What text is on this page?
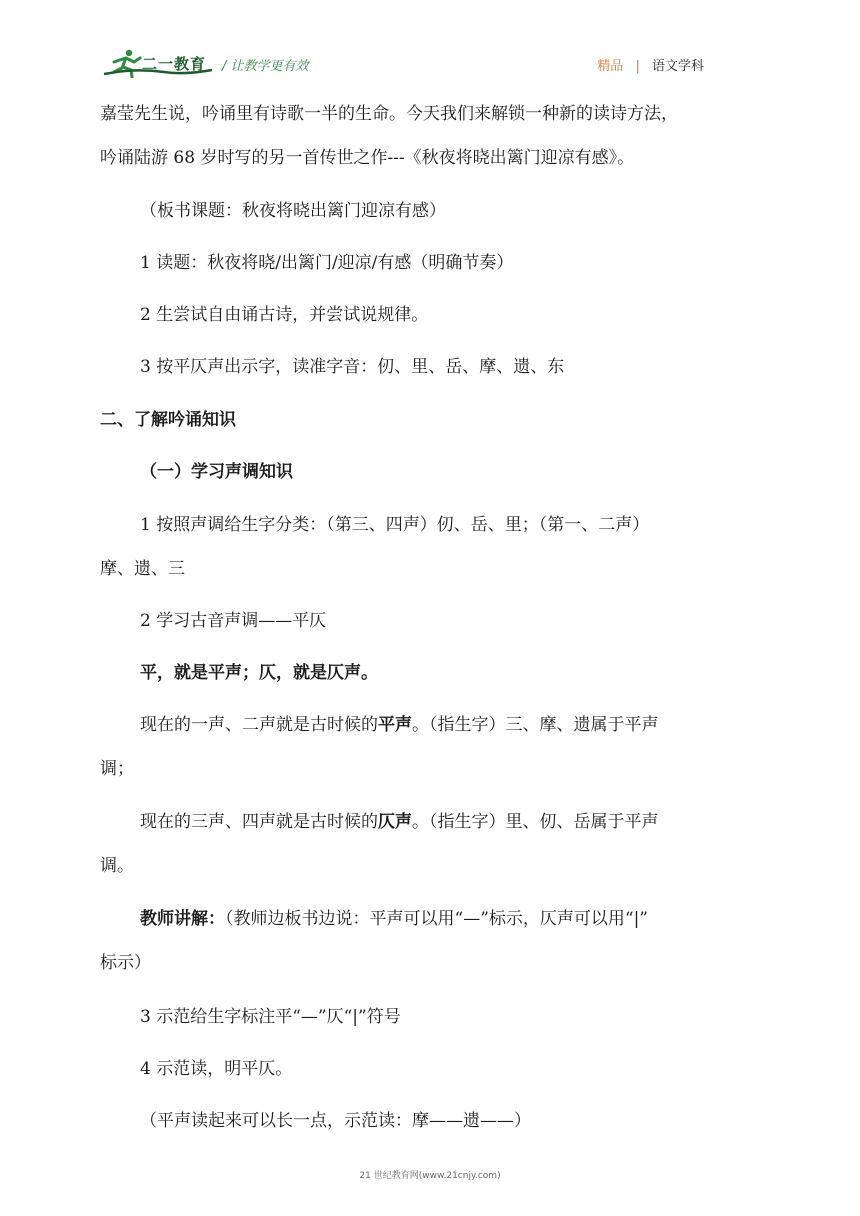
二一教育 / 让教学更有效	精品 | 语文学科
嘉莹先生说，吟诵里有诗歌一半的生命。今天我们来解锁一种新的读诗方法，
吟诵陆游 68 岁时写的另一首传世之作---《秋夜将晓出篱门迎凉有感》。
（板书课题：秋夜将晓出篱门迎凉有感）
1 读题：秋夜将晓/出篱门/迎凉/有感（明确节奏）
2 生尝试自由诵古诗，并尝试说规律。
3 按平仄声出示字，读准字音：仞、里、岳、摩、遗、东
二、了解吟诵知识
（一）学习声调知识
1 按照声调给生字分类：（第三、四声）仞、岳、里；（第一、二声）
摩、遗、三
2 学习古音声调——平仄
平，就是平声；仄，就是仄声。
现在的一声、二声就是古时候的平声。（指生字）三、摩、遗属于平声
调；
现在的三声、四声就是古时候的仄声。（指生字）里、仞、岳属于平声
调。
教师讲解：（教师边板书边说：平声可以用“—”标示，仄声可以用“|”
标示）
3 示范给生字标注平“—”仄“|”符号
4 示范读，明平仄。
（平声读起来可以长一点，示范读：摩——遗——）
21 世纪教育网(www.21cnjy.com)
